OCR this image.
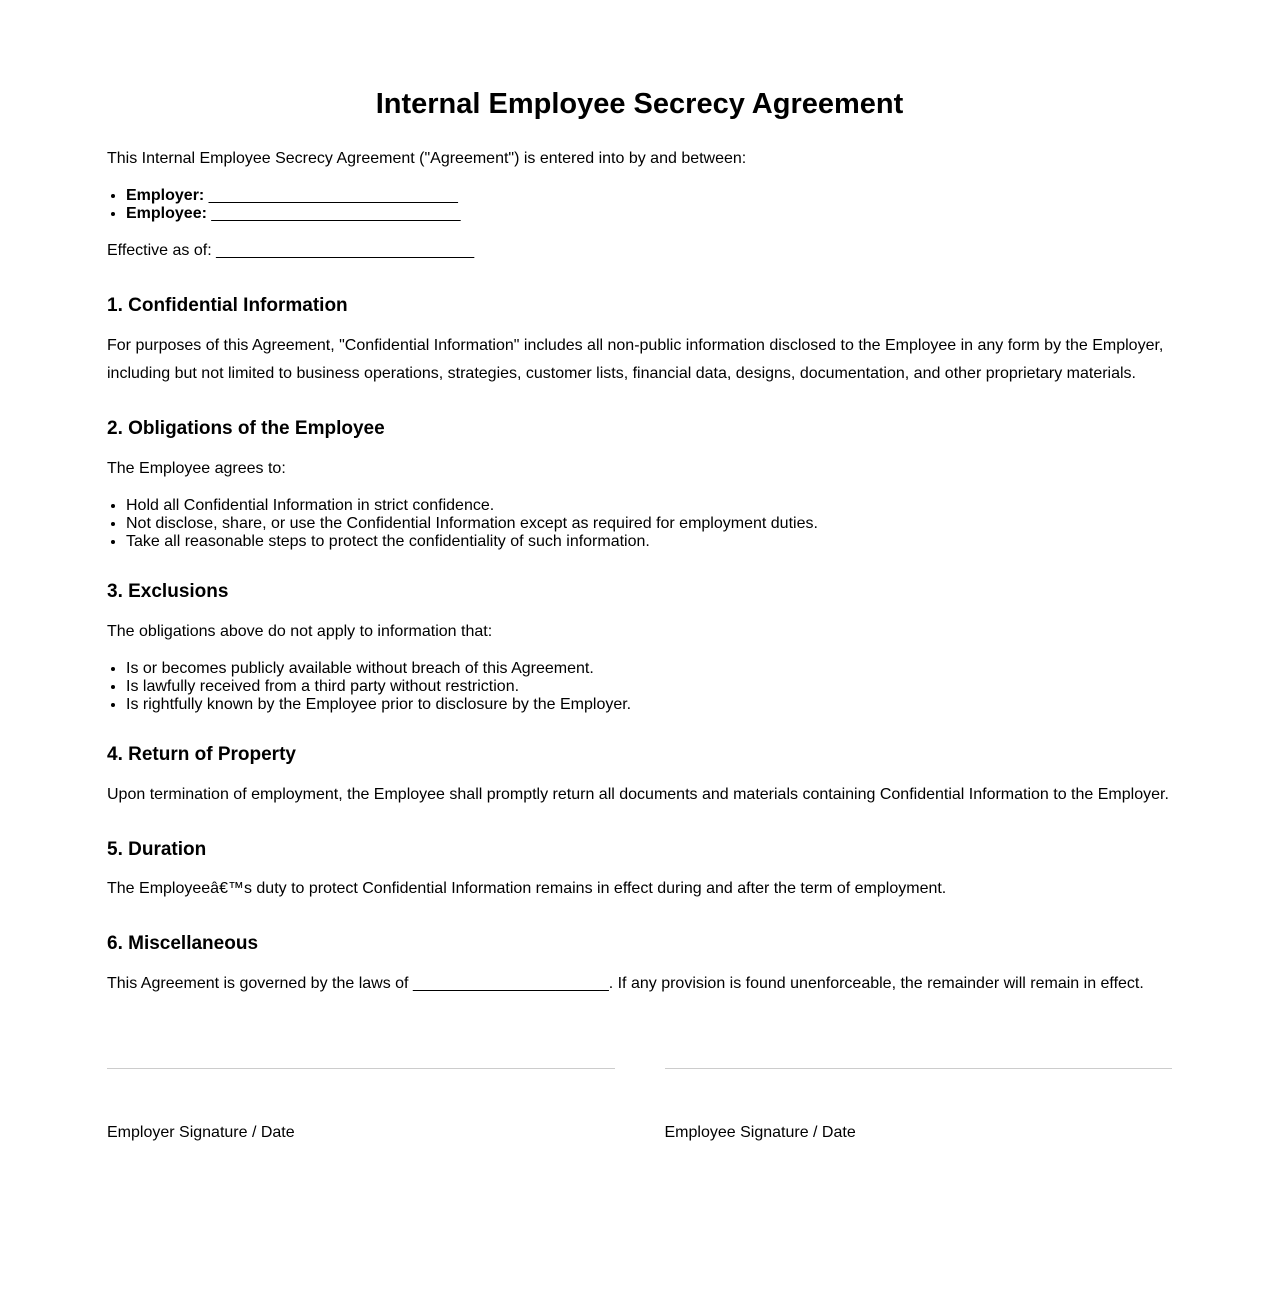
Internal Employee Secrecy Agreement

This Internal Employee Secrecy Agreement ("Agreement") is entered into by and between:

• Employer: ____________________________
• Employee: ____________________________

Effective as of: _____________________________

1. Confidential Information

For purposes of this Agreement, "Confidential Information" includes all non-public information disclosed to the Employee in any form by the Employer, including but not limited to business operations, strategies, customer lists, financial data, designs, documentation, and other proprietary materials.

2. Obligations of the Employee

The Employee agrees to:

• Hold all Confidential Information in strict confidence.
• Not disclose, share, or use the Confidential Information except as required for employment duties.
• Take all reasonable steps to protect the confidentiality of such information.
3. Exclusions

The obligations above do not apply to information that:

• Is or becomes publicly available without breach of this Agreement.
• Is lawfully received from a third party without restriction.
• Is rightfully known by the Employee prior to disclosure by the Employer.
4. Return of Property

Upon termination of employment, the Employee shall promptly return all documents and materials containing Confidential Information to the Employer.

5. Duration

The Employeeâ€™s duty to protect Confidential Information remains in effect during and after the term of employment.

6. Miscellaneous

This Agreement is governed by the laws of ______________________. If any provision is found unenforceable, the remainder will remain in effect.

Employer Signature / Date	Employee Signature / Date
